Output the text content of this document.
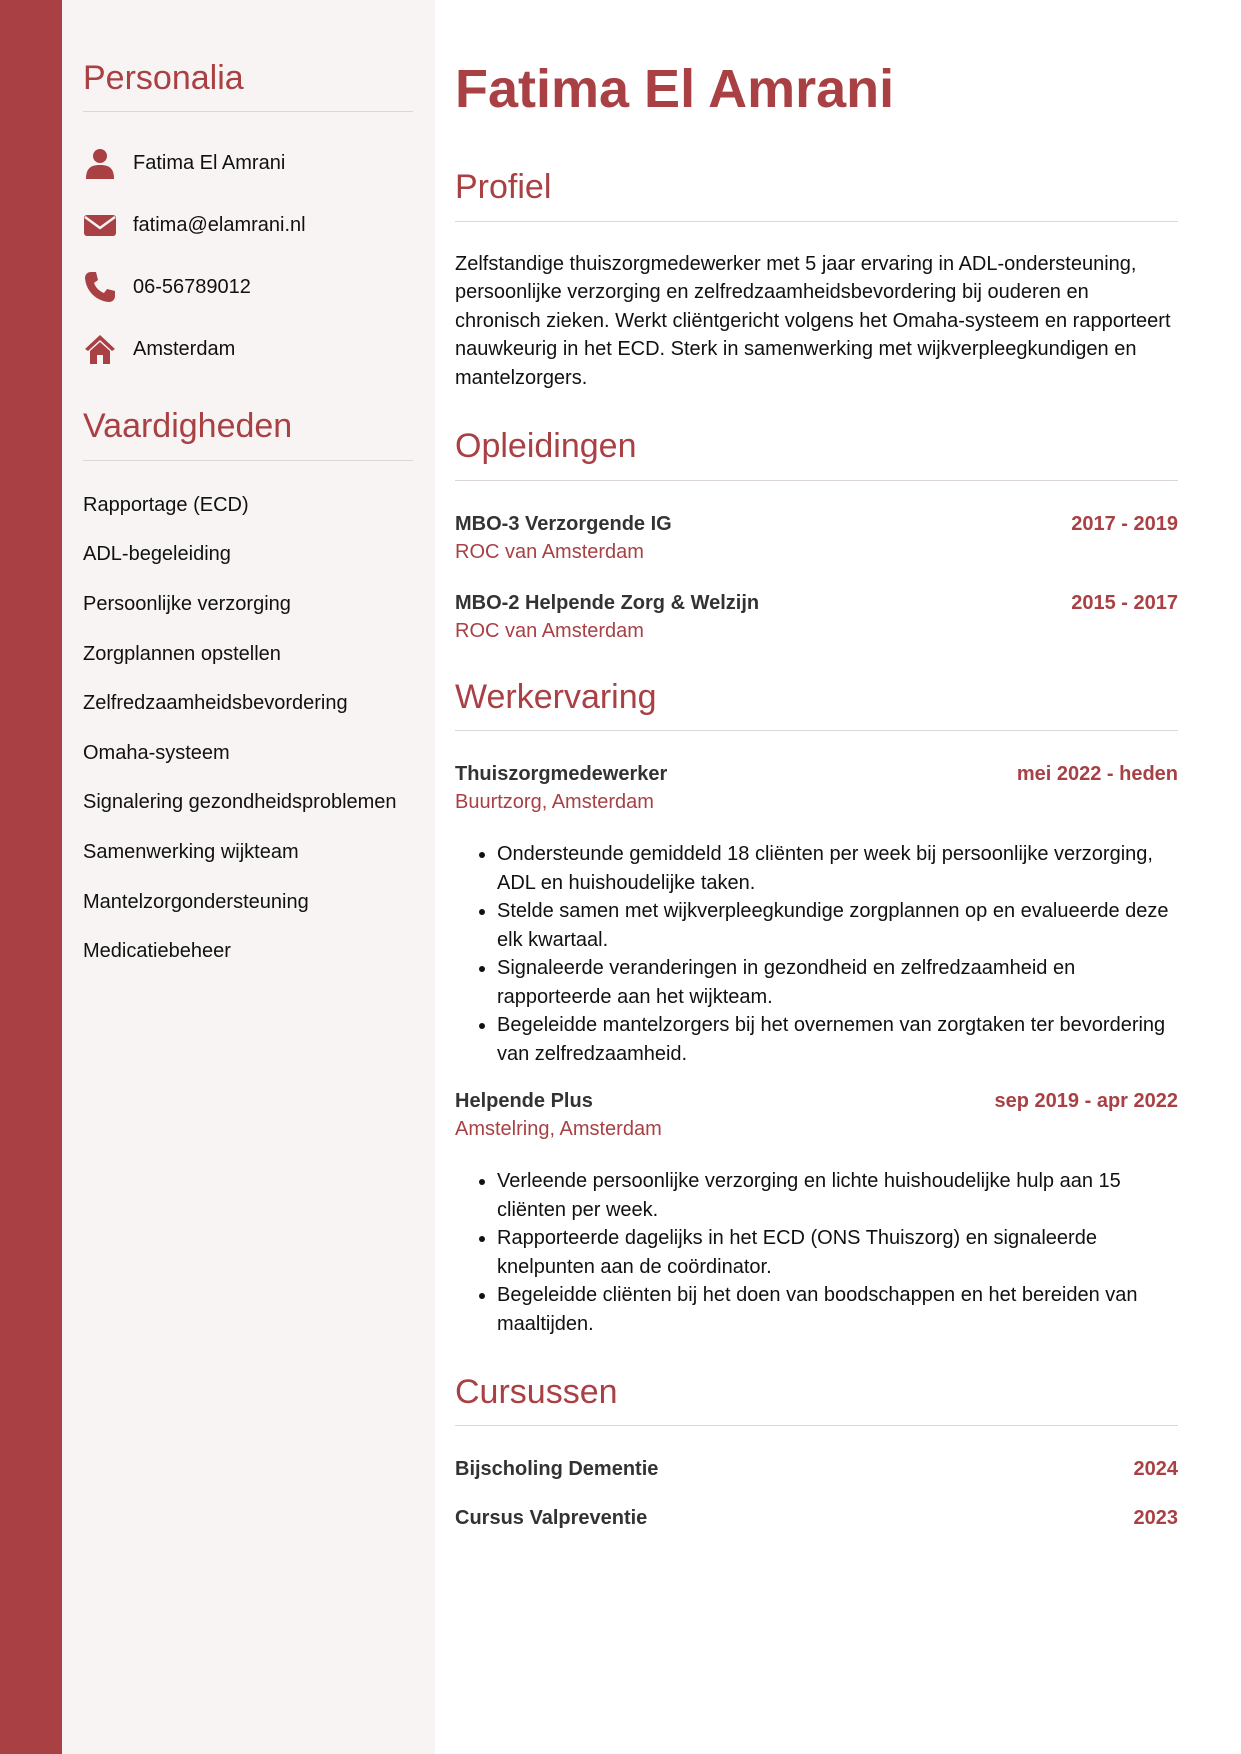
Personalia
Fatima El Amrani
fatima@elamrani.nl
06-56789012
Amsterdam
Vaardigheden
Rapportage (ECD)
ADL-begeleiding
Persoonlijke verzorging
Zorgplannen opstellen
Zelfredzaamheidsbevordering
Omaha-systeem
Signalering gezondheidsproblemen
Samenwerking wijkteam
Mantelzorgondersteuning
Medicatiebeheer
Fatima El Amrani
Profiel

Zelfstandige thuiszorgmedewerker met 5 jaar ervaring in ADL-ondersteuning, persoonlijke verzorging en zelfredzaamheidsbevordering bij ouderen en chronisch zieken. Werkt cliëntgericht volgens het Omaha-systeem en rapporteert nauwkeurig in het ECD. Sterk in samenwerking met wijkverpleegkundigen en mantelzorgers.

Opleidingen
MBO-3 Verzorgende IG	2017 - 2019
ROC van Amsterdam
MBO-2 Helpende Zorg & Welzijn	2015 - 2017
ROC van Amsterdam
Werkervaring
Thuiszorgmedewerker	mei 2022 - heden
Buurtzorg, Amsterdam
• Ondersteunde gemiddeld 18 cliënten per week bij persoonlijke verzorging, ADL en huishoudelijke taken.
• Stelde samen met wijkverpleegkundige zorgplannen op en evalueerde deze elk kwartaal.
• Signaleerde veranderingen in gezondheid en zelfredzaamheid en rapporteerde aan het wijkteam.
• Begeleidde mantelzorgers bij het overnemen van zorgtaken ter bevordering van zelfredzaamheid.
Helpende Plus	sep 2019 - apr 2022
Amstelring, Amsterdam
• Verleende persoonlijke verzorging en lichte huishoudelijke hulp aan 15 cliënten per week.
• Rapporteerde dagelijks in het ECD (ONS Thuiszorg) en signaleerde knelpunten aan de coördinator.
• Begeleidde cliënten bij het doen van boodschappen en het bereiden van maaltijden.
Cursussen
Bijscholing Dementie	2024
Cursus Valpreventie	2023
